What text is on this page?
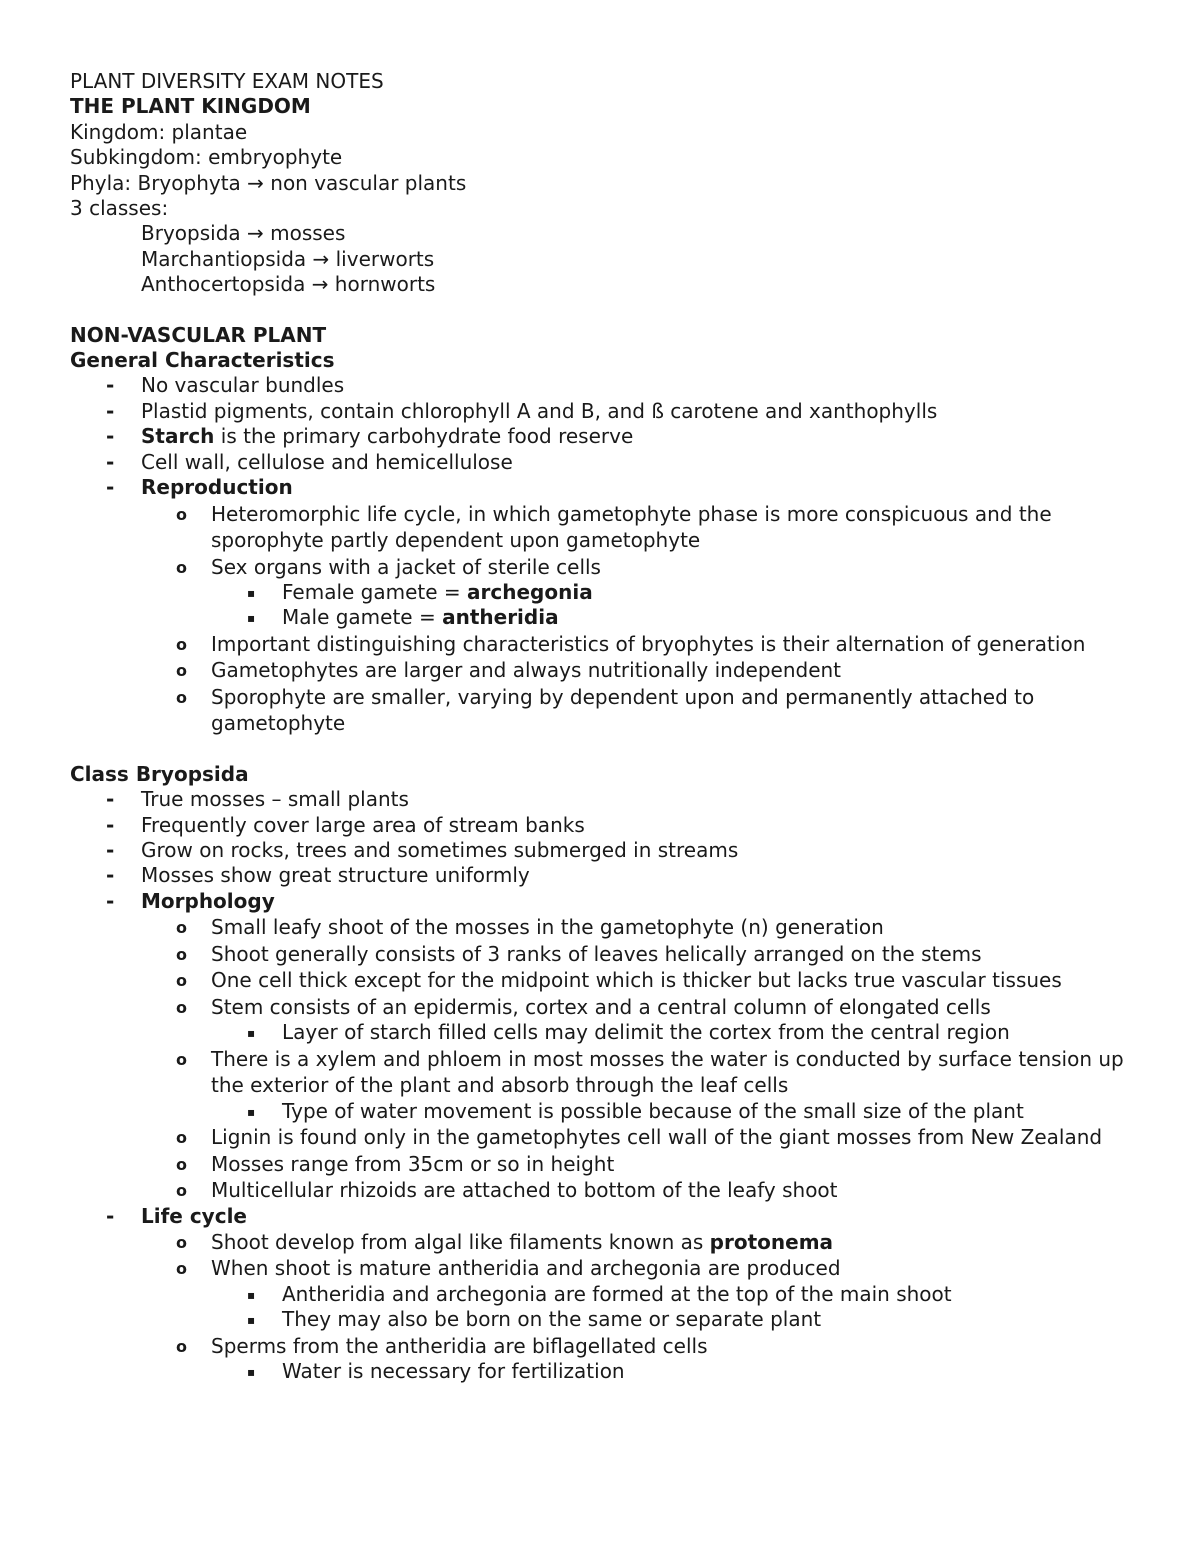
PLANT DIVERSITY EXAM NOTES
THE PLANT KINGDOM
Kingdom: plantae
Subkingdom: embryophyte
Phyla: Bryophyta → non vascular plants
3 classes:
Bryopsida → mosses
Marchantiopsida → liverworts
Anthocertopsida → hornworts
NON-VASCULAR PLANT
General Characteristics
- No vascular bundles
- Plastid pigments, contain chlorophyll A and B, and ß carotene and xanthophylls
- Starch is the primary carbohydrate food reserve
- Cell wall, cellulose and hemicellulose
- Reproduction
o Heteromorphic life cycle, in which gametophyte phase is more conspicuous and the sporophyte partly dependent upon gametophyte
o Sex organs with a jacket of sterile cells
▪ Female gamete = archegonia
▪ Male gamete = antheridia
o Important distinguishing characteristics of bryophytes is their alternation of generation
o Gametophytes are larger and always nutritionally independent
o Sporophyte are smaller, varying by dependent upon and permanently attached to gametophyte
Class Bryopsida
- True mosses – small plants
- Frequently cover large area of stream banks
- Grow on rocks, trees and sometimes submerged in streams
- Mosses show great structure uniformly
- Morphology
o Small leafy shoot of the mosses in the gametophyte (n) generation
o Shoot generally consists of 3 ranks of leaves helically arranged on the stems
o One cell thick except for the midpoint which is thicker but lacks true vascular tissues
o Stem consists of an epidermis, cortex and a central column of elongated cells
▪ Layer of starch filled cells may delimit the cortex from the central region
o There is a xylem and phloem in most mosses the water is conducted by surface tension up the exterior of the plant and absorb through the leaf cells
▪ Type of water movement is possible because of the small size of the plant
o Lignin is found only in the gametophytes cell wall of the giant mosses from New Zealand
o Mosses range from 35cm or so in height
o Multicellular rhizoids are attached to bottom of the leafy shoot
- Life cycle
o Shoot develop from algal like filaments known as protonema
o When shoot is mature antheridia and archegonia are produced
▪ Antheridia and archegonia are formed at the top of the main shoot
▪ They may also be born on the same or separate plant
o Sperms from the antheridia are biflagellated cells
▪ Water is necessary for fertilization
